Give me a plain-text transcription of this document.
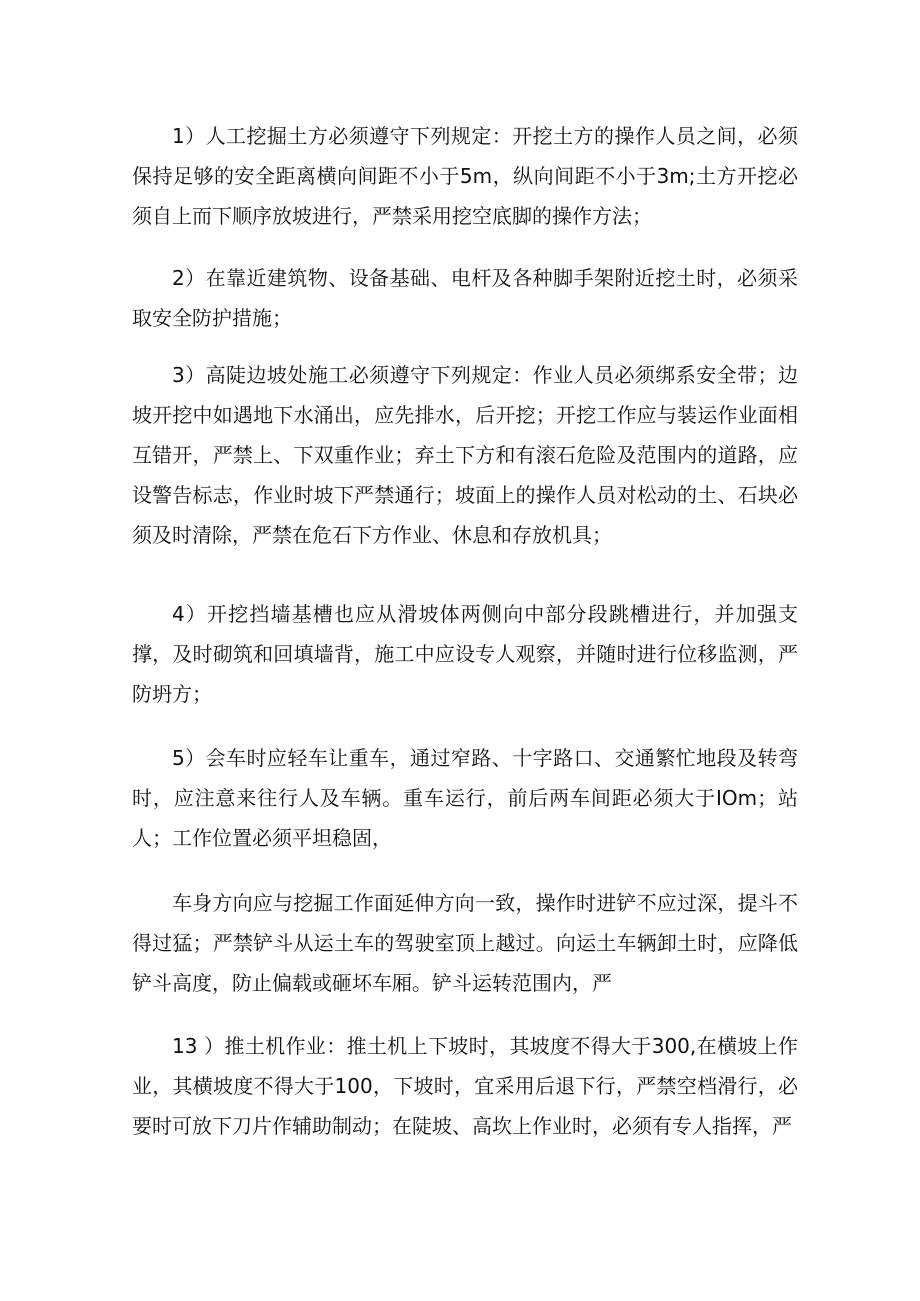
1）人工挖掘土方必须遵守下列规定：开挖土方的操作人员之间，必须保持足够的安全距离横向间距不小于5m，纵向间距不小于3m;土方开挖必须自上而下顺序放坡进行，严禁采用挖空底脚的操作方法；

2）在靠近建筑物、设备基础、电杆及各种脚手架附近挖土时，必须采取安全防护措施；

3）高陡边坡处施工必须遵守下列规定：作业人员必须绑系安全带；边坡开挖中如遇地下水涌出，应先排水，后开挖；开挖工作应与装运作业面相互错开，严禁上、下双重作业；弃土下方和有滚石危险及范围内的道路，应设警告标志，作业时坡下严禁通行；坡面上的操作人员对松动的土、石块必须及时清除，严禁在危石下方作业、休息和存放机具；

4）开挖挡墙基槽也应从滑坡体两侧向中部分段跳槽进行，并加强支撑，及时砌筑和回填墙背，施工中应设专人观察，并随时进行位移监测，严防坍方；

5）会车时应轻车让重车，通过窄路、十字路口、交通繁忙地段及转弯时，应注意来往行人及车辆。重车运行，前后两车间距必须大于IOm；站人；工作位置必须平坦稳固，

车身方向应与挖掘工作面延伸方向一致，操作时进铲不应过深，提斗不得过猛；严禁铲斗从运土车的驾驶室顶上越过。向运土车辆卸土时，应降低铲斗高度，防止偏载或砸坏车厢。铲斗运转范围内，严

13 ）推土机作业：推土机上下坡时，其坡度不得大于300,在横坡上作业，其横坡度不得大于100，下坡时，宜采用后退下行，严禁空档滑行，必要时可放下刀片作辅助制动；在陡坡、高坎上作业时，必须有专人指挥，严
